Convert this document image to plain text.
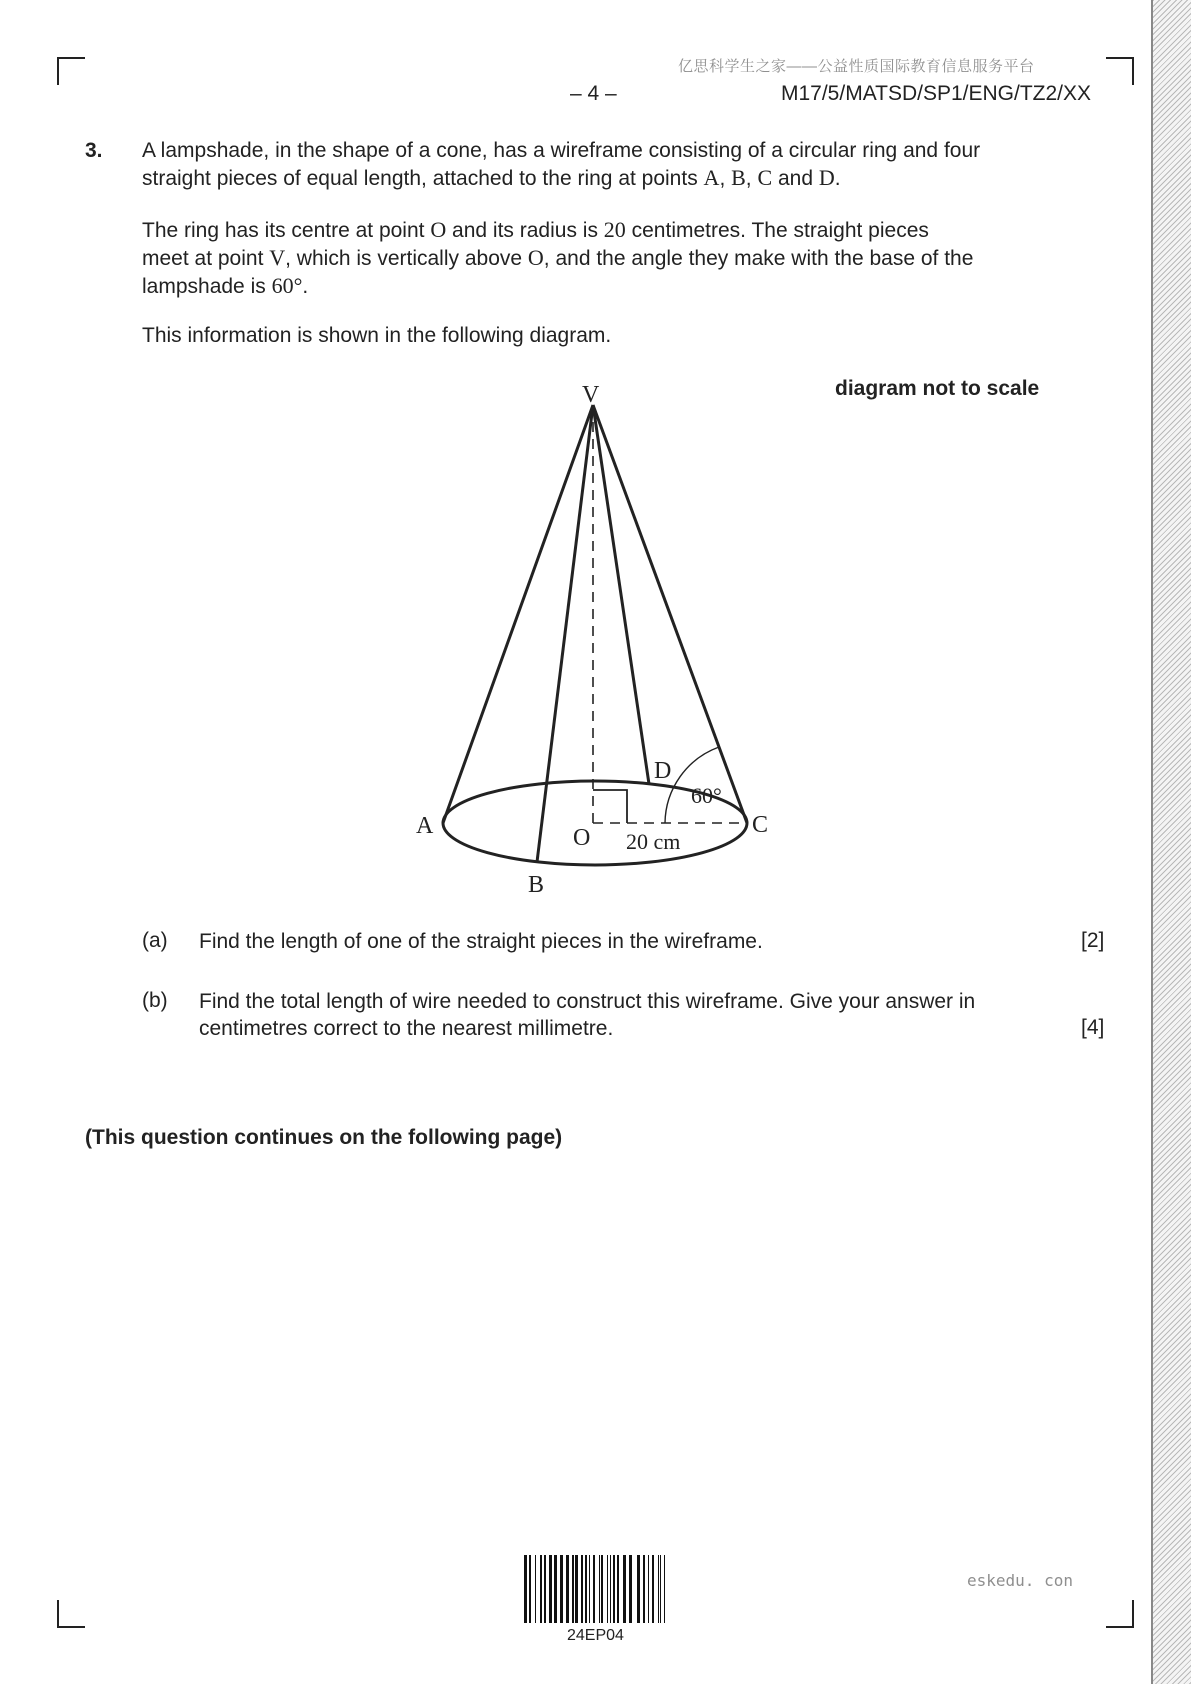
亿思科学生之家——公益性质国际教育信息服务平台
– 4 –	M17/5/MATSD/SP1/ENG/TZ2/XX
3. A lampshade, in the shape of a cone, has a wireframe consisting of a circular ring and four
straight pieces of equal length, attached to the ring at points A, B, C and D.
The ring has its centre at point O and its radius is 20 centimetres. The straight pieces
meet at point V, which is vertically above O, and the angle they make with the base of the
lampshade is 60°.
This information is shown in the following diagram.
diagram not to scale
V
A
B
C
D
O
60°
20 cm
(a) Find the length of one of the straight pieces in the wireframe.	[2]
(b) Find the total length of wire needed to construct this wireframe. Give your answer in
centimetres correct to the nearest millimetre.	[4]
(This question continues on the following page)
24EP04
eskedu. con
